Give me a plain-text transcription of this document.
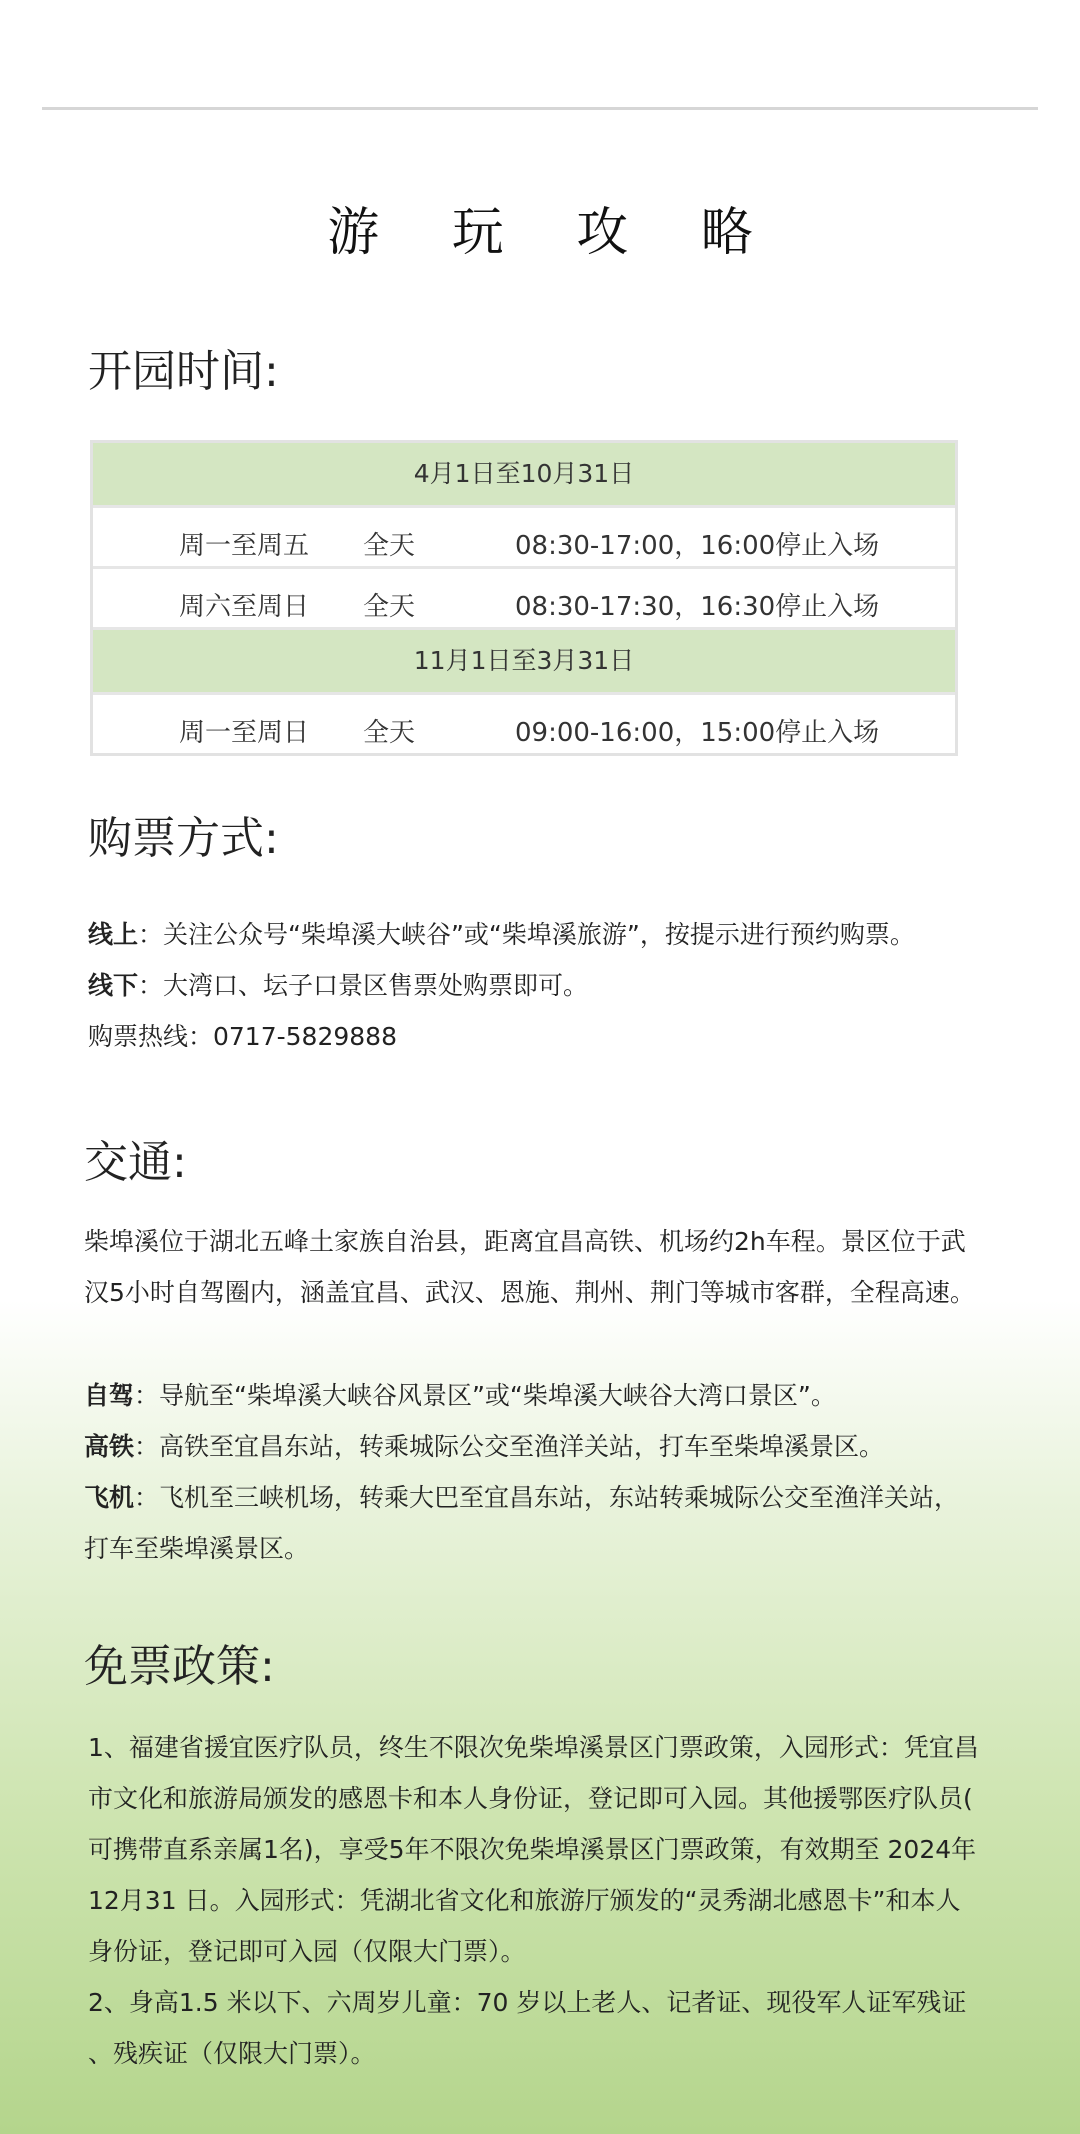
游 玩 攻 略
开园时间:
4月1日至10月31日
周一至周五 全天	08:30-17:00，16:00停止入场
周六至周日 全天	08:30-17:30，16:30停止入场
11月1日至3月31日
周一至周日 全天	09:00-16:00，15:00停止入场
购票方式:
线上：关注公众号“柴埠溪大峡谷”或“柴埠溪旅游”，按提示进行预约购票。
线下：大湾口、坛子口景区售票处购票即可。
购票热线：0717-5829888
交通:
柴埠溪位于湖北五峰土家族自治县，距离宜昌高铁、机场约2h车程。景区位于武
汉5小时自驾圈内，涵盖宜昌、武汉、恩施、荆州、荆门等城市客群，全程高速。
自驾：导航至“柴埠溪大峡谷风景区”或“柴埠溪大峡谷大湾口景区”。
高铁：高铁至宜昌东站，转乘城际公交至渔洋关站，打车至柴埠溪景区。
飞机：飞机至三峡机场，转乘大巴至宜昌东站，东站转乘城际公交至渔洋关站，
打车至柴埠溪景区。
免票政策:
1、福建省援宜医疗队员，终生不限次免柴埠溪景区门票政策，入园形式：凭宜昌
市文化和旅游局颁发的感恩卡和本人身份证，登记即可入园。其他援鄂医疗队员(
可携带直系亲属1名)，享受5年不限次免柴埠溪景区门票政策，有效期至 2024年
12月31 日。入园形式：凭湖北省文化和旅游厅颁发的“灵秀湖北感恩卡”和本人
身份证，登记即可入园（仅限大门票）。
2、身高1.5 米以下、六周岁儿童：70 岁以上老人、记者证、现役军人证军残证
、残疾证（仅限大门票）。
